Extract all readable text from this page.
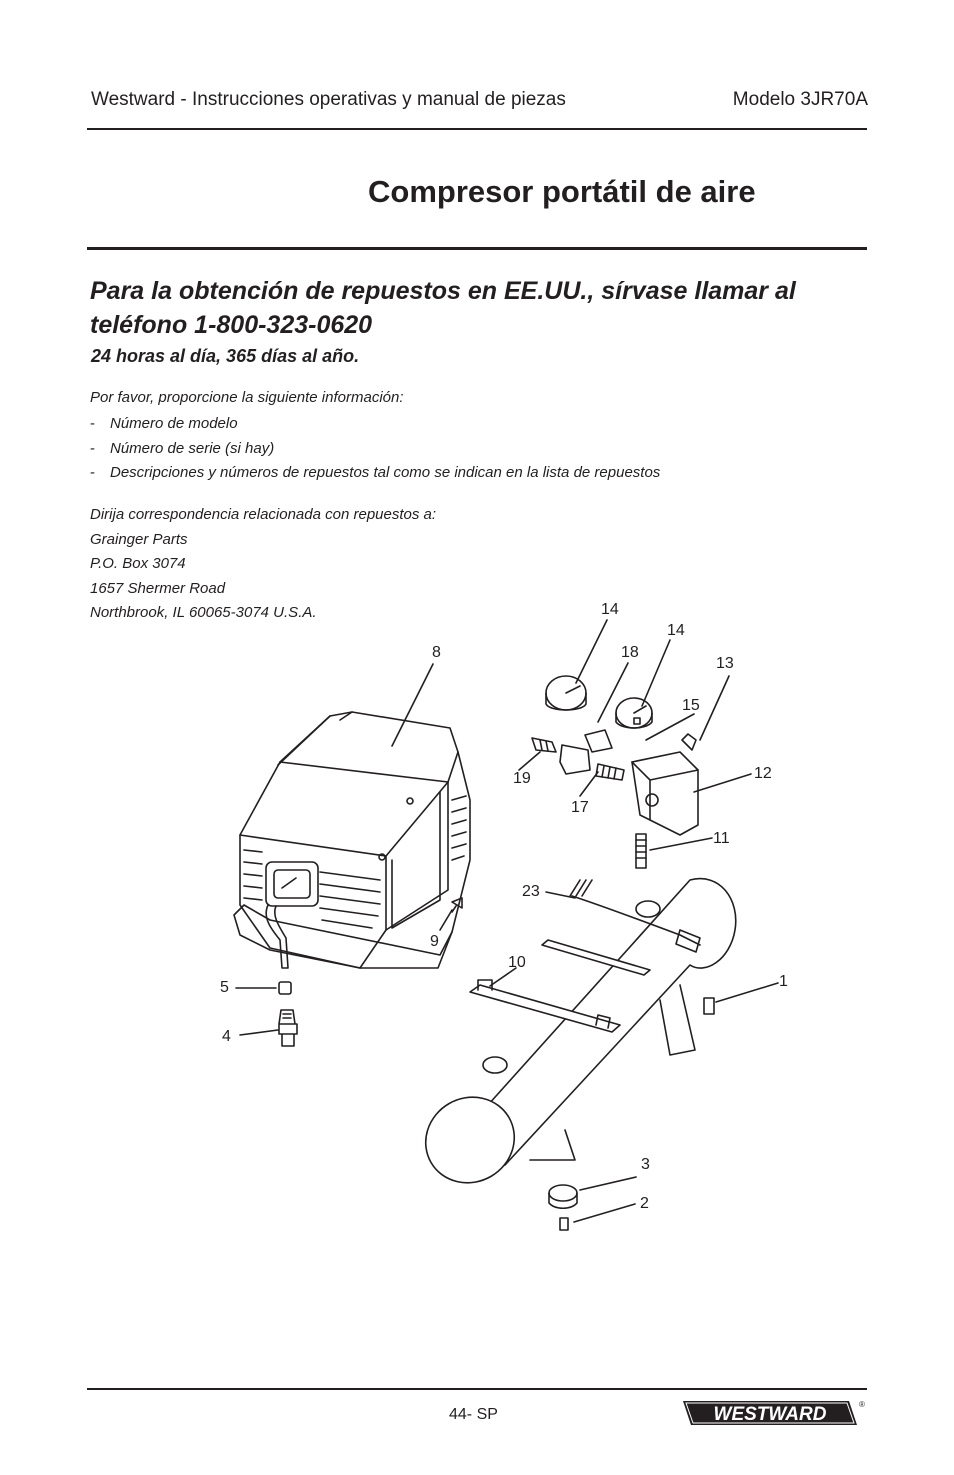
Westward - Instrucciones operativas y manual de piezas	Modelo 3JR70A
Compresor portátil de aire
Para la obtención de repuestos en EE.UU., sírvase llamar al teléfono 1-800-323-0620
24 horas al día, 365 días al año.
Por favor, proporcione la siguiente información:
- Número de modelo
- Número de serie (si hay)
- Descripciones y números de repuestos tal como se indican en la lista de repuestos
Dirija correspondencia relacionada con repuestos a:
Grainger Parts
P.O. Box 3074
1657 Shermer Road
Northbrook, IL 60065-3074 U.S.A.	14
14
8	18
13
15
12
19
17
11
23
9
10
1
5
4
3
2
44- SP	WESTWARD	®
